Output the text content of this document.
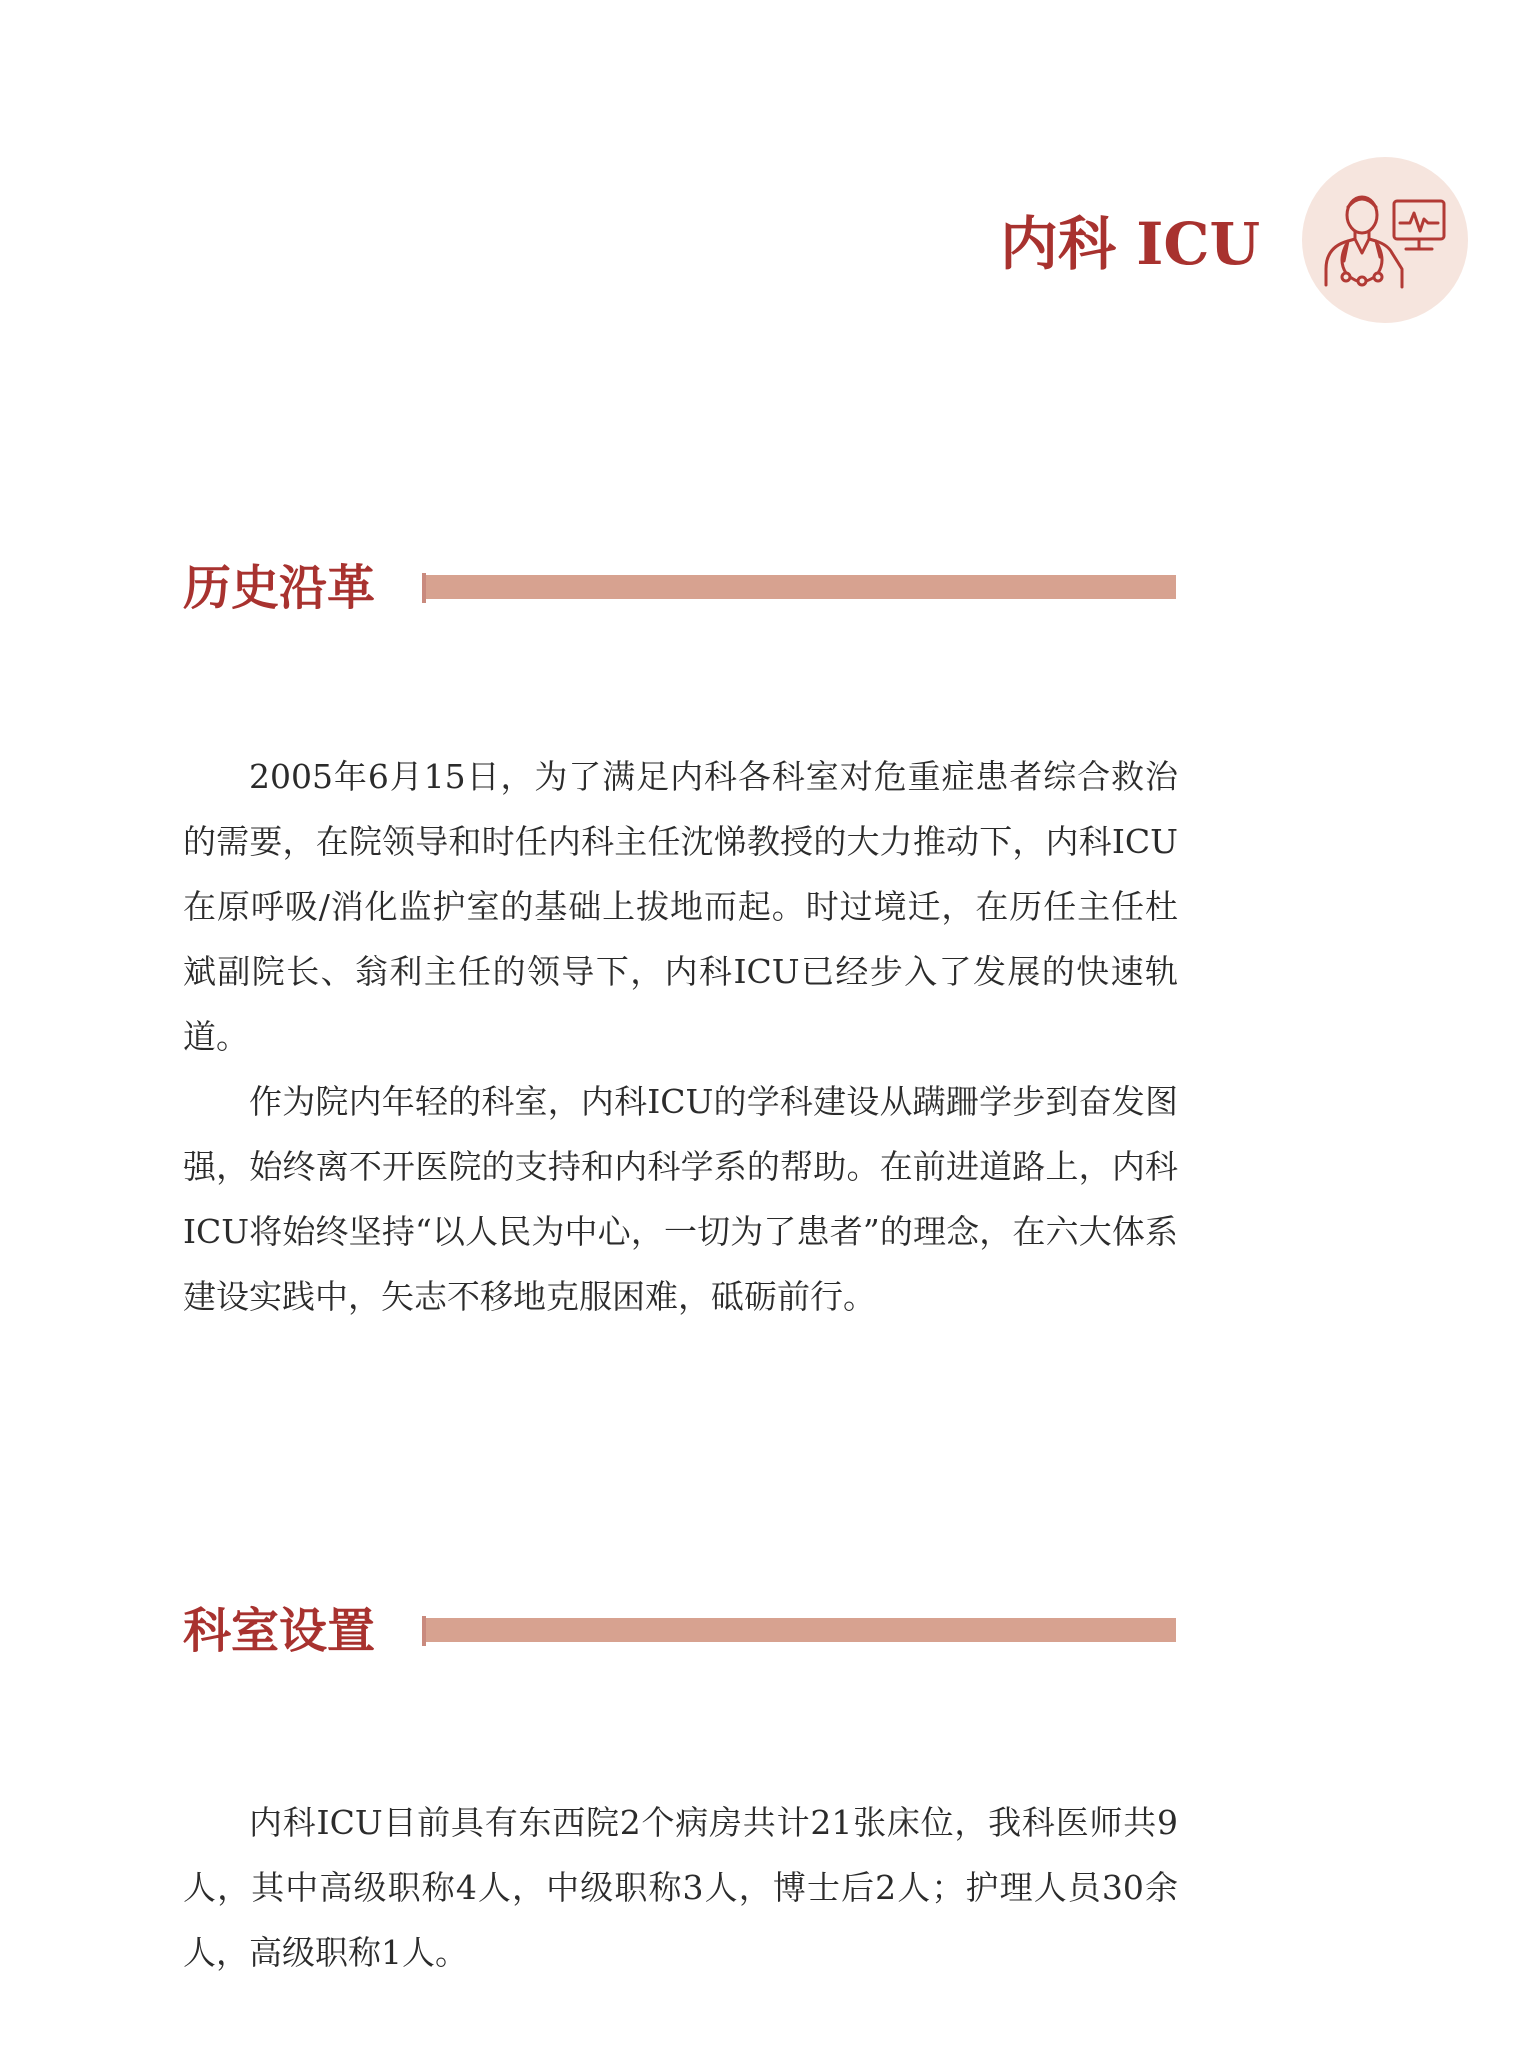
内科 ICU
历史沿革

2005年6月15日，为了满足内科各科室对危重症患者综合救治的需要，在院领导和时任内科主任沈悌教授的大力推动下，内科ICU在原呼吸/消化监护室的基础上拔地而起。时过境迁，在历任主任杜斌副院长、翁利主任的领导下，内科ICU已经步入了发展的快速轨道。

作为院内年轻的科室，内科ICU的学科建设从蹒跚学步到奋发图强，始终离不开医院的支持和内科学系的帮助。在前进道路上，内科ICU将始终坚持“以人民为中心，一切为了患者”的理念，在六大体系建设实践中，矢志不移地克服困难，砥砺前行。

科室设置

内科ICU目前具有东西院2个病房共计21张床位，我科医师共9人，其中高级职称4人，中级职称3人，博士后2人；护理人员30余人，高级职称1人。
